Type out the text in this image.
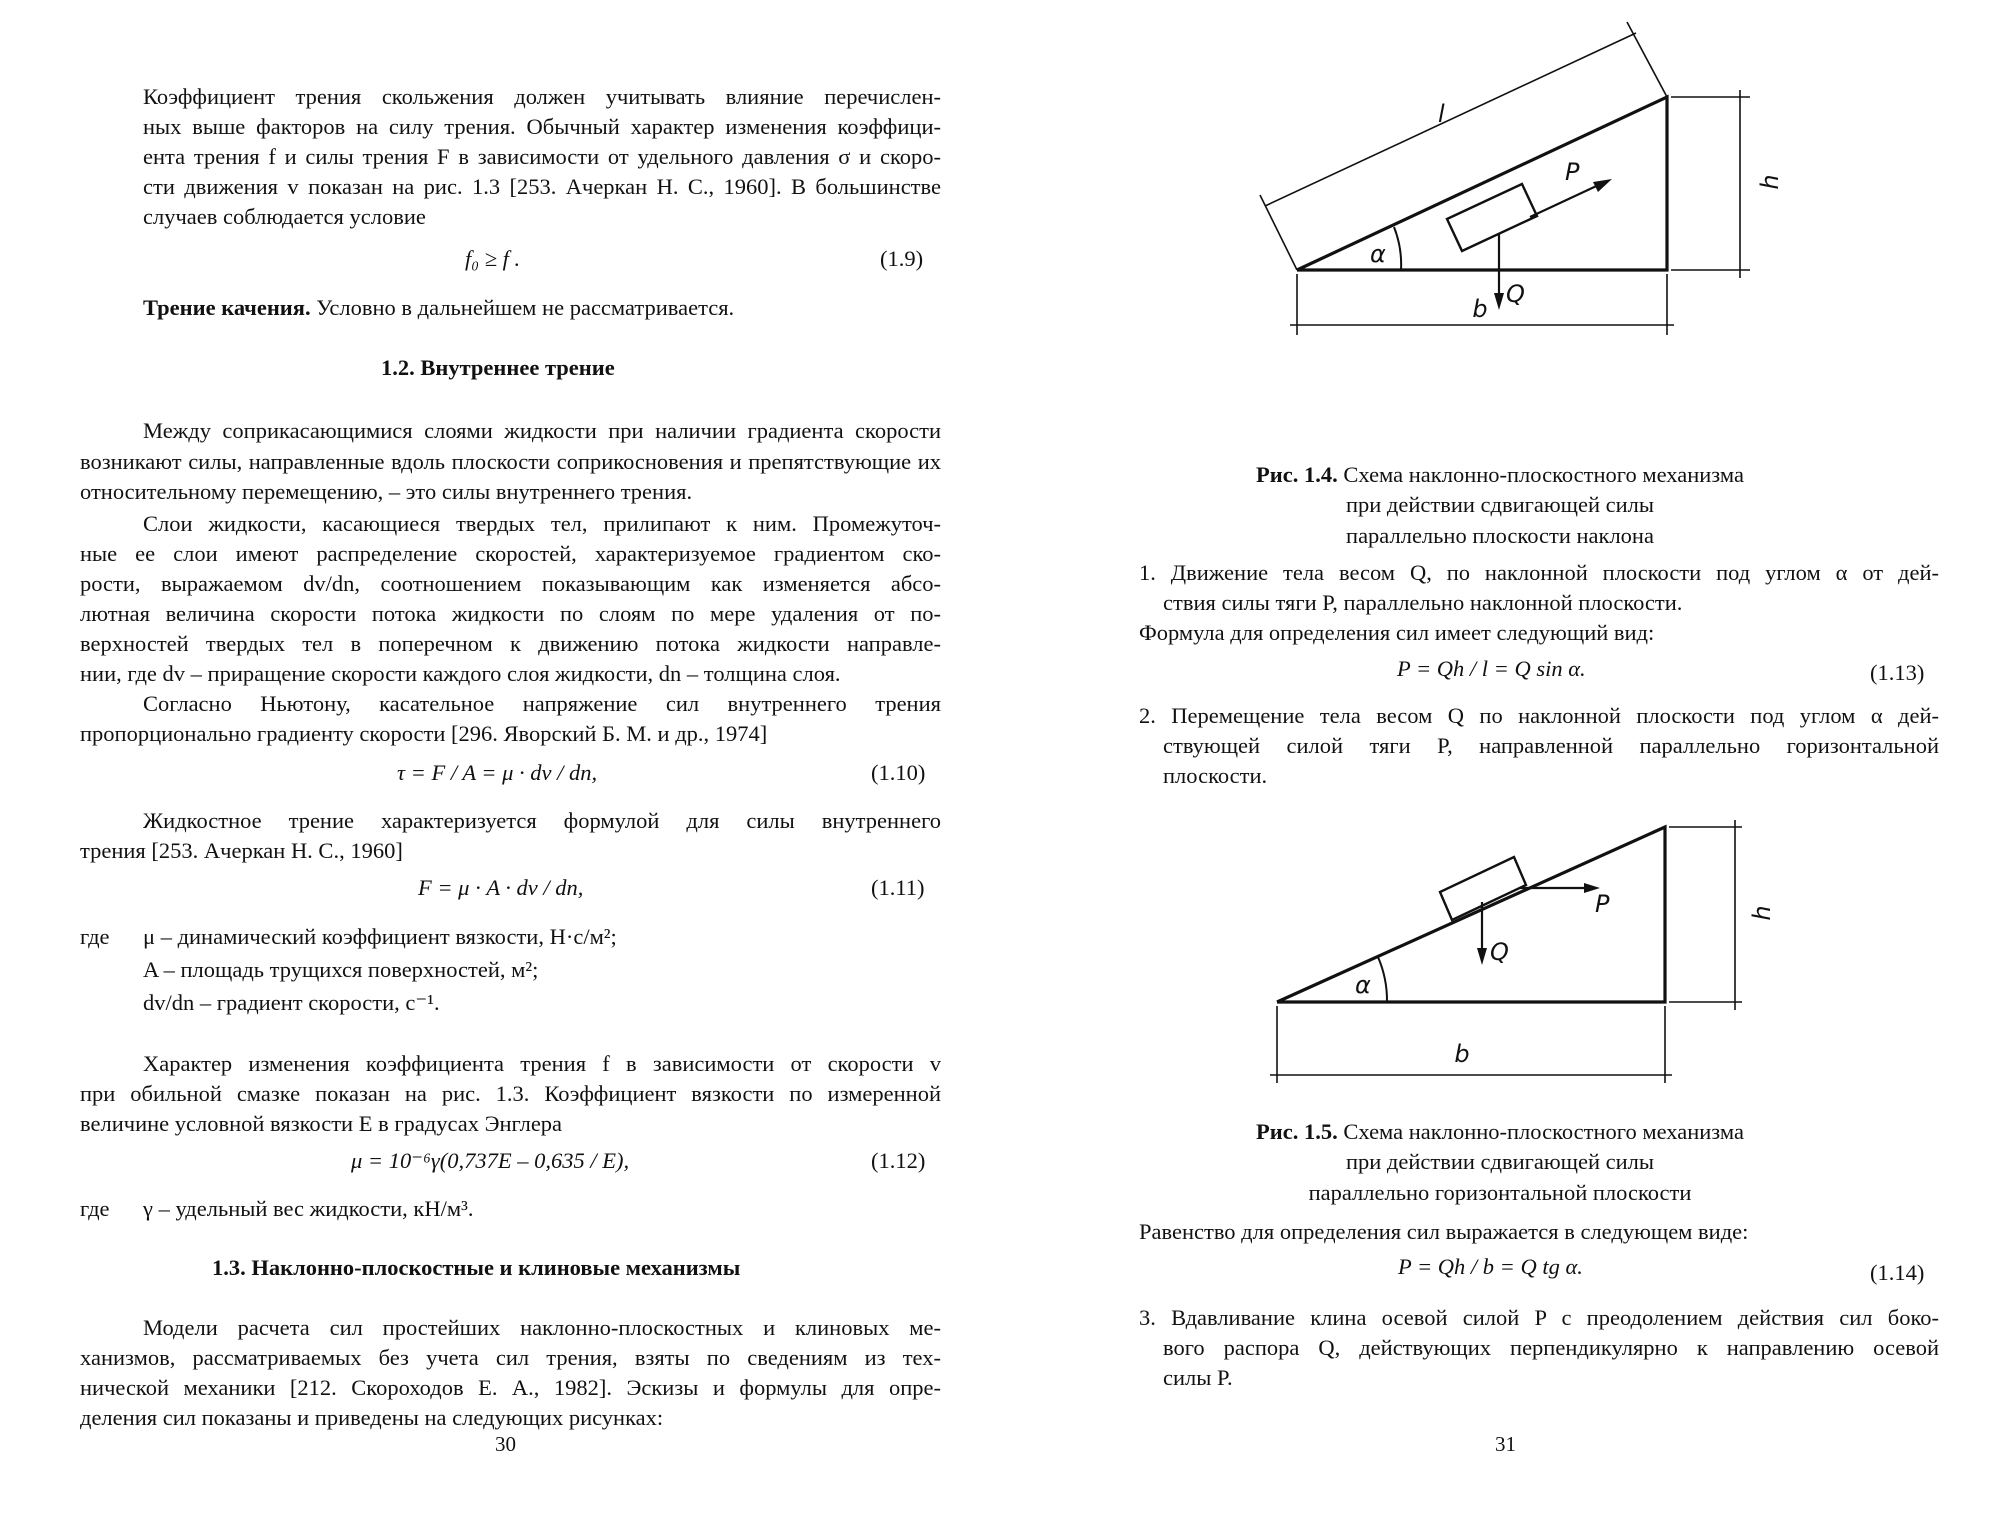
Коэффициент трения скольжения должен учитывать влияние перечислен-

ных выше факторов на силу трения. Обычный характер изменения коэффици-

ента трения f и силы трения F в зависимости от удельного давления σ и скоро-

сти движения v показан на рис. 1.3 [253. Ачеркан Н. С., 1960]. В большинстве

случаев соблюдается условие

f₀ ≥ f .	(1.9)

Трение качения. Условно в дальнейшем не рассматривается.

1.2. Внутреннее трение

Между соприкасающимися слоями жидкости при наличии градиента скорости возникают силы, направленные вдоль плоскости соприкосновения и препятствующие их относительному перемещению, – это силы внутреннего трения.

Слои жидкости, касающиеся твердых тел, прилипают к ним. Промежуточ-

ные ее слои имеют распределение скоростей, характеризуемое градиентом ско-

рости, выражаемом dv/dn, соотношением показывающим как изменяется абсо-

лютная величина скорости потока жидкости по слоям по мере удаления от по-

верхностей твердых тел в поперечном к движению потока жидкости направле-

нии, где dv – приращение скорости каждого слоя жидкости, dn – толщина слоя.

Согласно Ньютону, касательное напряжение сил внутреннего трения

пропорционально градиенту скорости [296. Яворский Б. М. и др., 1974]

τ = F / A = μ · dv / dn,	(1.10)

Жидкостное трение характеризуется формулой для силы внутреннего

трения [253. Ачеркан Н. С., 1960]

F = μ · A · dv / dn,	(1.11)
где μ – динамический коэффициент вязкости, Н·с/м²;
A – площадь трущихся поверхностей, м²;
dv/dn – градиент скорости, с⁻¹.

Характер изменения коэффициента трения f в зависимости от скорости v

при обильной смазке показан на рис. 1.3. Коэффициент вязкости по измеренной

величине условной вязкости E в градусах Энглера

μ = 10⁻⁶γ(0,737E – 0,635 / E),	(1.12)
где γ – удельный вес жидкости, кН/м³.
1.3. Наклонно-плоскостные и клиновые механизмы

Модели расчета сил простейших наклонно-плоскостных и клиновых ме-

ханизмов, рассматриваемых без учета сил трения, взяты по сведениям из тех-

нической механики [212. Скороходов Е. А., 1982]. Эскизы и формулы для опре-

деления сил показаны и приведены на следующих рисунках:

30
l
P
Q
α
h
b

Рис. 1.4. Схема наклонно-плоскостного механизма
при действии сдвигающей силы
параллельно плоскости наклона

1. Движение тела весом Q, по наклонной плоскости под углом α от дей-

ствия силы тяги P, параллельно наклонной плоскости.

Формула для определения сил имеет следующий вид:

P = Qh / l = Q sin α.	(1.13)

2. Перемещение тела весом Q по наклонной плоскости под углом α дей-

ствующей силой тяги P, направленной параллельно горизонтальной

плоскости.

P
Q
α
h
b

Рис. 1.5. Схема наклонно-плоскостного механизма
при действии сдвигающей силы
параллельно горизонтальной плоскости

Равенство для определения сил выражается в следующем виде:

P = Qh / b = Q tg α.	(1.14)

3. Вдавливание клина осевой силой P с преодолением действия сил боко-

вого распора Q, действующих перпендикулярно к направлению осевой

силы P.

31
